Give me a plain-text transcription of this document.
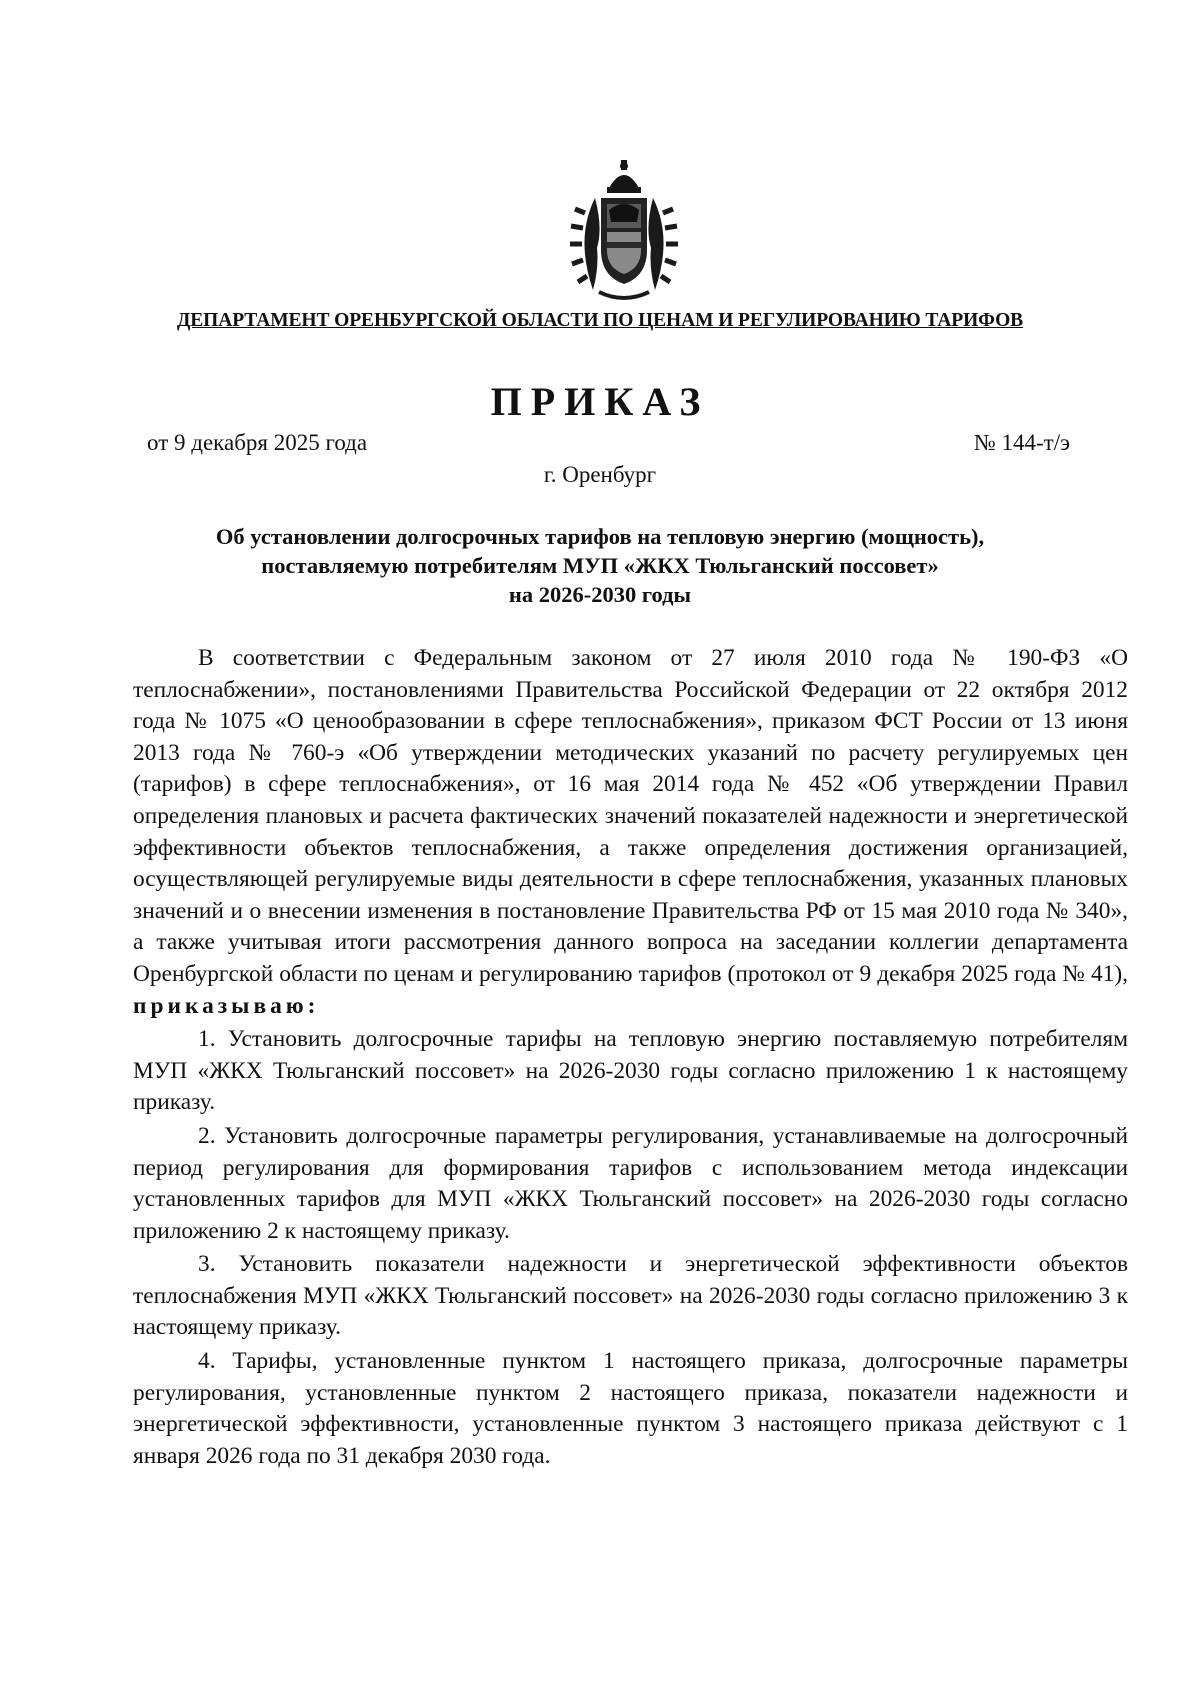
ДЕПАРТАМЕНТ ОРЕНБУРГСКОЙ ОБЛАСТИ ПО ЦЕНАМ И РЕГУЛИРОВАНИЮ ТАРИФОВ
ПРИКАЗ
от 9 декабря 2025 года	№ 144-т/э
г. Оренбург
Об установлении долгосрочных тарифов на тепловую энергию (мощность),
поставляемую потребителям МУП «ЖКХ Тюльганский поссовет»
на 2026-2030 годы

В соответствии с Федеральным законом от 27 июля 2010 года № 190-ФЗ «О теплоснабжении», постановлениями Правительства Российской Федерации от 22 октября 2012 года № 1075 «О ценообразовании в сфере теплоснабжения», приказом ФСТ России от 13 июня 2013 года № 760-э «Об утверждении методических указаний по расчету регулируемых цен (тарифов) в сфере теплоснабжения», от 16 мая 2014 года № 452 «Об утверждении Правил определения плановых и расчета фактических значений показателей надежности и энергетической эффективности объектов теплоснабжения, а также определения достижения организацией, осуществляющей регулируемые виды деятельности в сфере теплоснабжения, указанных плановых значений и о внесении изменения в постановление Правительства РФ от 15 мая 2010 года № 340», а также учитывая итоги рассмотрения данного вопроса на заседании коллегии департамента Оренбургской области по ценам и регулированию тарифов (протокол от 9 декабря 2025 года № 41), приказываю:

1. Установить долгосрочные тарифы на тепловую энергию поставляемую потребителям МУП «ЖКХ Тюльганский поссовет» на 2026-2030 годы согласно приложению 1 к настоящему приказу.

2. Установить долгосрочные параметры регулирования, устанавливаемые на долгосрочный период регулирования для формирования тарифов с использованием метода индексации установленных тарифов для МУП «ЖКХ Тюльганский поссовет» на 2026-2030 годы согласно приложению 2 к настоящему приказу.

3. Установить показатели надежности и энергетической эффективности объектов теплоснабжения МУП «ЖКХ Тюльганский поссовет» на 2026-2030 годы согласно приложению 3 к настоящему приказу.

4. Тарифы, установленные пунктом 1 настоящего приказа, долгосрочные параметры регулирования, установленные пунктом 2 настоящего приказа, показатели надежности и энергетической эффективности, установленные пунктом 3 настоящего приказа действуют с 1 января 2026 года по 31 декабря 2030 года.
